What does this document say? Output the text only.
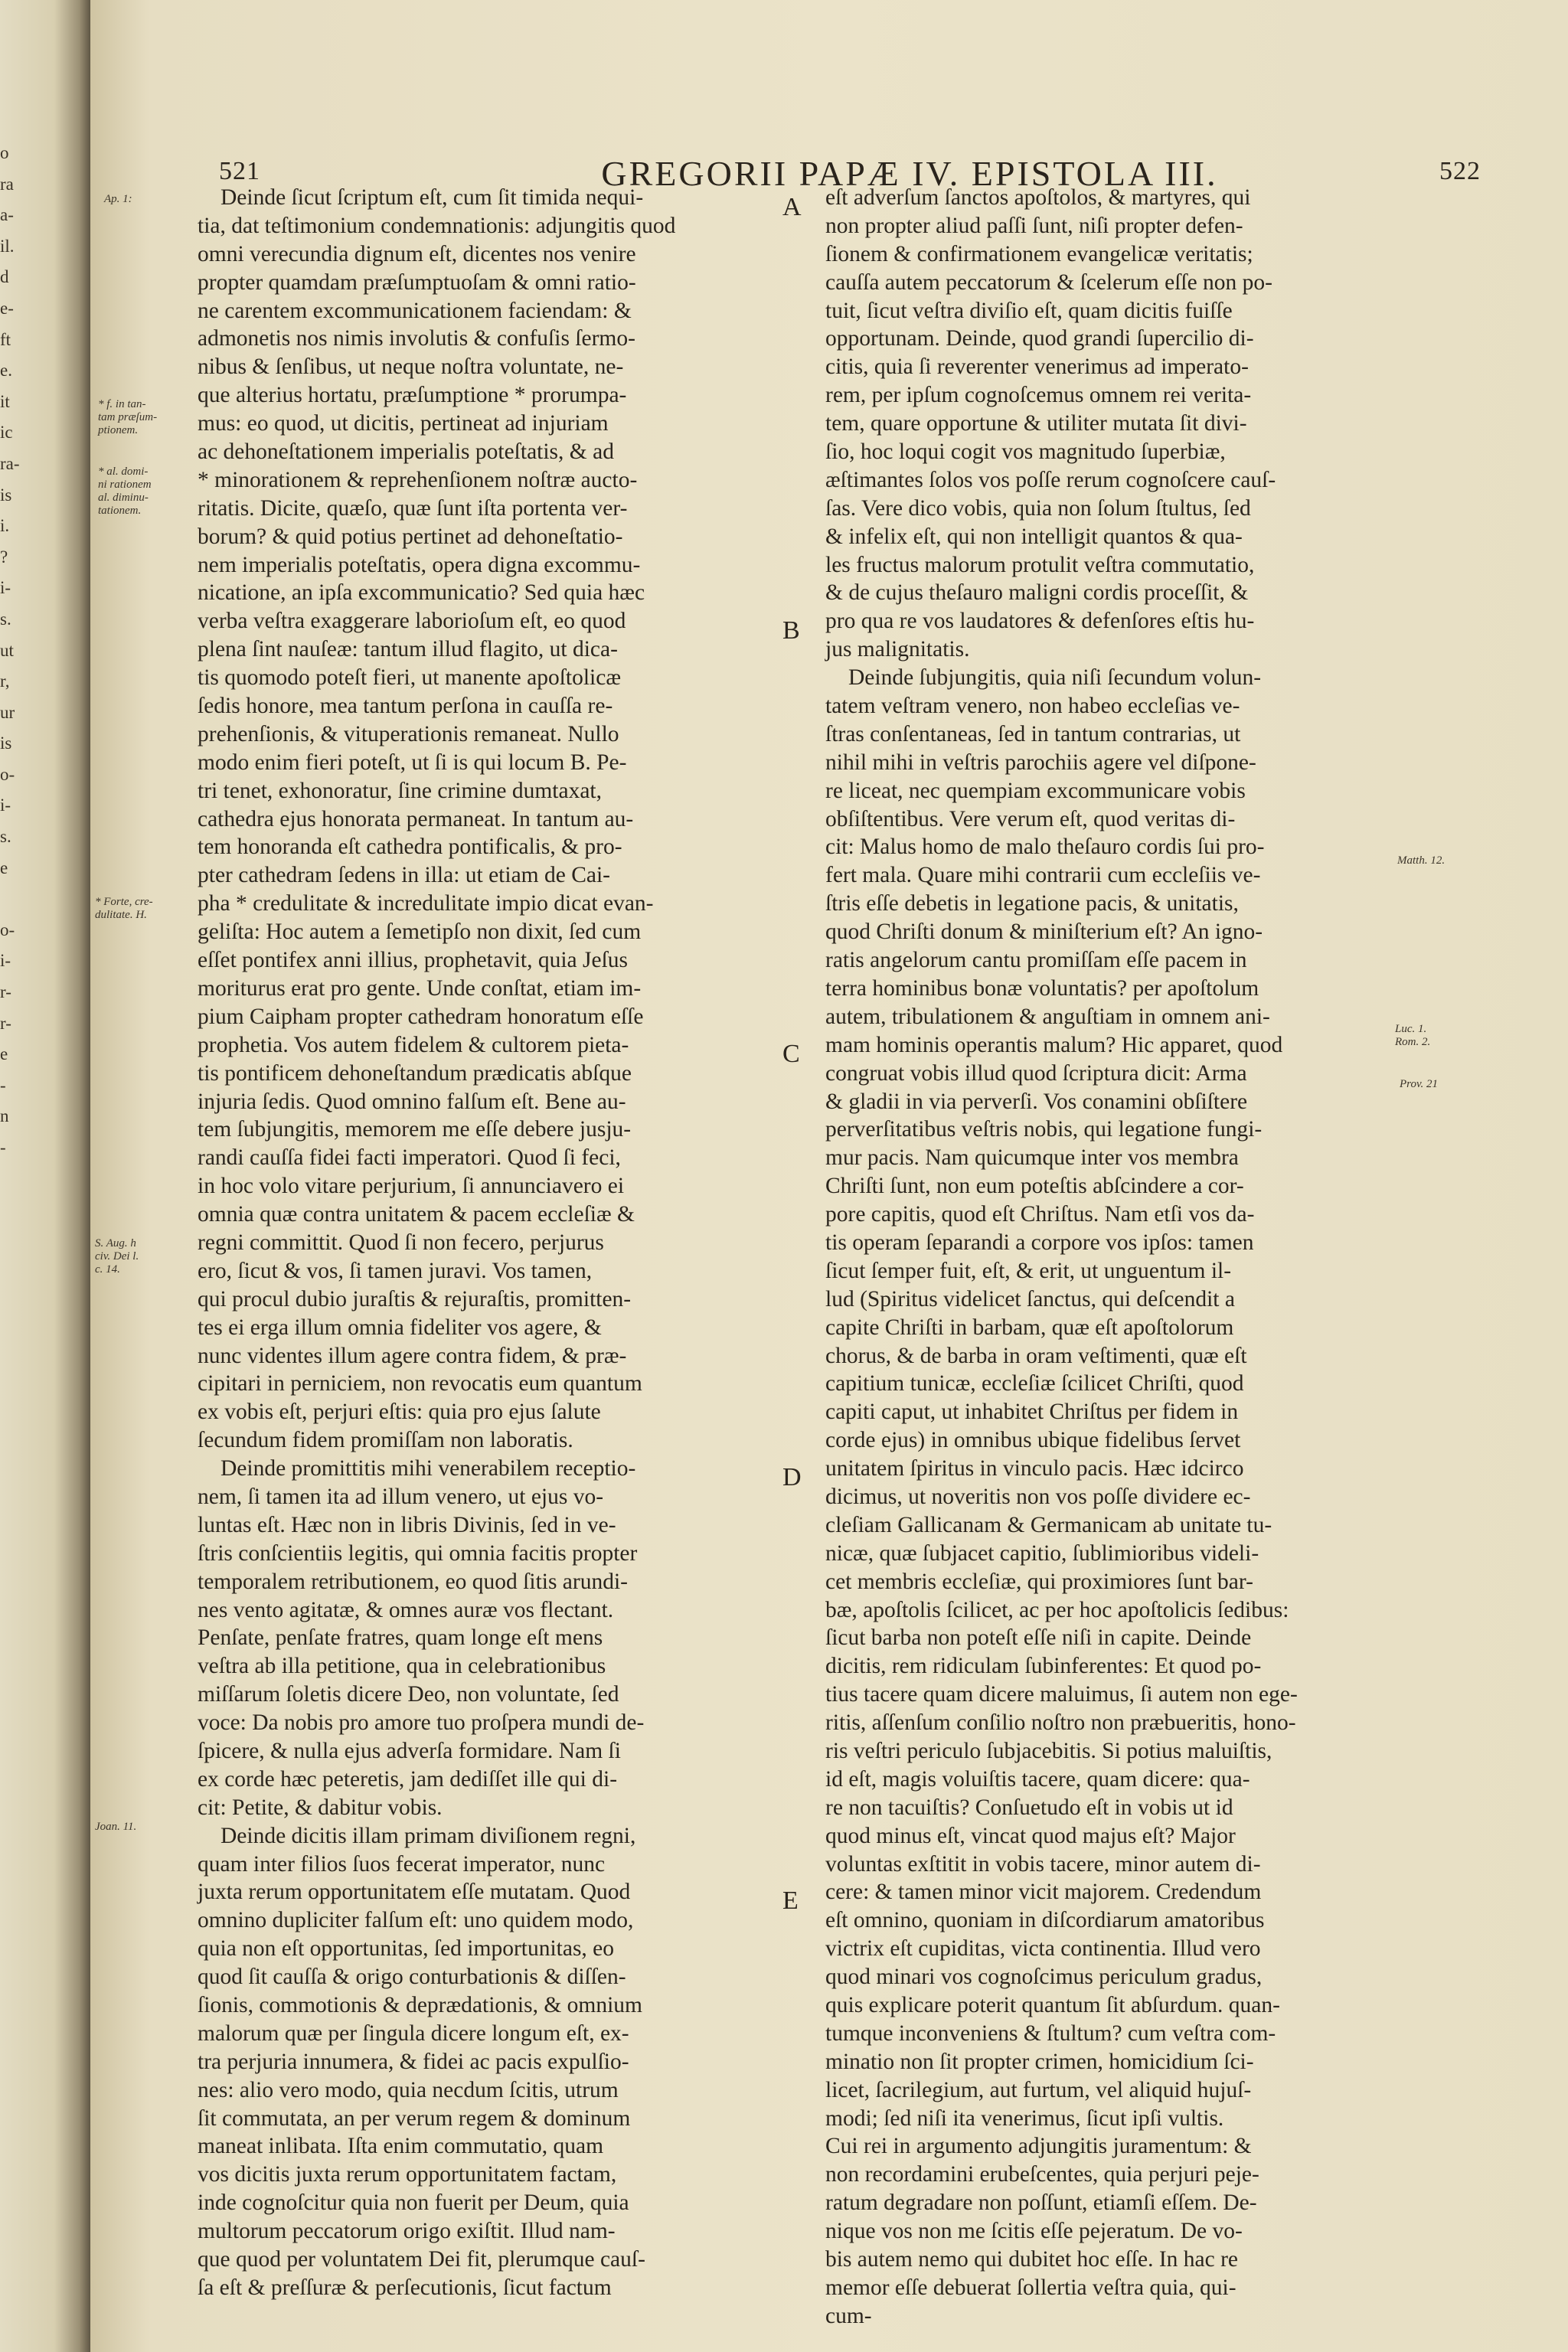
o
ra
a-
il.
d
e-
ft
e.
it
ic
ra-
is
i.
?
i-
s.
ut
r,
ur
is
o-
i-
s.
e
o-
i-
r-
r-
e
-
n
-
521	GREGORII PAPÆ IV. EPISTOLA III.	522
Deinde ſicut ſcriptum eſt, cum ſit timida nequi-
tia, dat teſtimonium condemnationis: adjungitis quod
omni verecundia dignum eſt, dicentes nos venire
propter quamdam præſumptuoſam & omni ratio-
ne carentem excommunicationem faciendam: &
admonetis nos nimis involutis & confuſis ſermo-
nibus & ſenſibus, ut neque noſtra voluntate, ne-
que alterius hortatu, præſumptione * prorumpa-
mus: eo quod, ut dicitis, pertineat ad injuriam
ac dehoneſtationem imperialis poteſtatis, & ad
* minorationem & reprehenſionem noſtræ aucto-
ritatis. Dicite, quæſo, quæ ſunt iſta portenta ver-
borum? & quid potius pertinet ad dehoneſtatio-
nem imperialis poteſtatis, opera digna excommu-
nicatione, an ipſa excommunicatio? Sed quia hæc
verba veſtra exaggerare laborioſum eſt, eo quod
plena ſint nauſeæ: tantum illud flagito, ut dica-
tis quomodo poteſt fieri, ut manente apoſtolicæ
ſedis honore, mea tantum perſona in cauſſa re-
prehenſionis, & vituperationis remaneat. Nullo
modo enim fieri poteſt, ut ſi is qui locum B. Pe-
tri tenet, exhonoratur, ſine crimine dumtaxat,
cathedra ejus honorata permaneat. In tantum au-
tem honoranda eſt cathedra pontificalis, & pro-
pter cathedram ſedens in illa: ut etiam de Cai-
pha * credulitate & incredulitate impio dicat evan-
geliſta: Hoc autem a ſemetipſo non dixit, ſed cum
eſſet pontifex anni illius, prophetavit, quia Jeſus
moriturus erat pro gente. Unde conſtat, etiam im-
pium Caipham propter cathedram honoratum eſſe
prophetia. Vos autem fidelem & cultorem pieta-
tis pontificem dehoneſtandum prædicatis abſque
injuria ſedis. Quod omnino falſum eſt. Bene au-
tem ſubjungitis, memorem me eſſe debere jusju-
randi cauſſa fidei facti imperatori. Quod ſi feci,
in hoc volo vitare perjurium, ſi annunciavero ei
omnia quæ contra unitatem & pacem eccleſiæ &
regni committit. Quod ſi non fecero, perjurus
ero, ſicut & vos, ſi tamen juravi. Vos tamen,
qui procul dubio juraſtis & rejuraſtis, promitten-
tes ei erga illum omnia fideliter vos agere, &
nunc videntes illum agere contra fidem, & præ-
cipitari in perniciem, non revocatis eum quantum
ex vobis eſt, perjuri eſtis: quia pro ejus ſalute
ſecundum fidem promiſſam non laboratis.
Deinde promittitis mihi venerabilem receptio-
nem, ſi tamen ita ad illum venero, ut ejus vo-
luntas eſt. Hæc non in libris Divinis, ſed in ve-
ſtris conſcientiis legitis, qui omnia facitis propter
temporalem retributionem, eo quod ſitis arundi-
nes vento agitatæ, & omnes auræ vos flectant.
Penſate, penſate fratres, quam longe eſt mens
veſtra ab illa petitione, qua in celebrationibus
miſſarum ſoletis dicere Deo, non voluntate, ſed
voce: Da nobis pro amore tuo proſpera mundi de-
ſpicere, & nulla ejus adverſa formidare. Nam ſi
ex corde hæc peteretis, jam dediſſet ille qui di-
cit: Petite, & dabitur vobis.
Deinde dicitis illam primam diviſionem regni,
quam inter filios ſuos fecerat imperator, nunc
juxta rerum opportunitatem eſſe mutatam. Quod
omnino dupliciter falſum eſt: uno quidem modo,
quia non eſt opportunitas, ſed importunitas, eo
quod ſit cauſſa & origo conturbationis & diſſen-
ſionis, commotionis & deprædationis, & omnium
malorum quæ per ſingula dicere longum eſt, ex-
tra perjuria innumera, & fidei ac pacis expulſio-
nes: alio vero modo, quia necdum ſcitis, utrum
ſit commutata, an per verum regem & dominum
maneat inlibata. Iſta enim commutatio, quam
vos dicitis juxta rerum opportunitatem factam,
inde cognoſcitur quia non fuerit per Deum, quia
multorum peccatorum origo exiſtit. Illud nam-
que quod per voluntatem Dei fit, plerumque cauſ-
ſa eſt & preſſuræ & perſecutionis, ſicut factum
eſt adverſum ſanctos apoſtolos, & martyres, qui
non propter aliud paſſi ſunt, niſi propter defen-
ſionem & confirmationem evangelicæ veritatis;
cauſſa autem peccatorum & ſcelerum eſſe non po-
tuit, ſicut veſtra diviſio eſt, quam dicitis fuiſſe
opportunam. Deinde, quod grandi ſupercilio di-
citis, quia ſi reverenter venerimus ad imperato-
rem, per ipſum cognoſcemus omnem rei verita-
tem, quare opportune & utiliter mutata ſit divi-
ſio, hoc loqui cogit vos magnitudo ſuperbiæ,
æſtimantes ſolos vos poſſe rerum cognoſcere cauſ-
ſas. Vere dico vobis, quia non ſolum ſtultus, ſed
& infelix eſt, qui non intelligit quantos & qua-
les fructus malorum protulit veſtra commutatio,
& de cujus theſauro maligni cordis proceſſit, &
pro qua re vos laudatores & defenſores eſtis hu-
jus malignitatis.
Deinde ſubjungitis, quia niſi ſecundum volun-
tatem veſtram venero, non habeo eccleſias ve-
ſtras conſentaneas, ſed in tantum contrarias, ut
nihil mihi in veſtris parochiis agere vel diſpone-
re liceat, nec quempiam excommunicare vobis
obſiſtentibus. Vere verum eſt, quod veritas di-
cit: Malus homo de malo theſauro cordis ſui pro-
fert mala. Quare mihi contrarii cum eccleſiis ve-
ſtris eſſe debetis in legatione pacis, & unitatis,
quod Chriſti donum & miniſterium eſt? An igno-
ratis angelorum cantu promiſſam eſſe pacem in
terra hominibus bonæ voluntatis? per apoſtolum
autem, tribulationem & anguſtiam in omnem ani-
mam hominis operantis malum? Hic apparet, quod
congruat vobis illud quod ſcriptura dicit: Arma
& gladii in via perverſi. Vos conamini obſiſtere
perverſitatibus veſtris nobis, qui legatione fungi-
mur pacis. Nam quicumque inter vos membra
Chriſti ſunt, non eum poteſtis abſcindere a cor-
pore capitis, quod eſt Chriſtus. Nam etſi vos da-
tis operam ſeparandi a corpore vos ipſos: tamen
ſicut ſemper fuit, eſt, & erit, ut unguentum il-
lud (Spiritus videlicet ſanctus, qui deſcendit a
capite Chriſti in barbam, quæ eſt apoſtolorum
chorus, & de barba in oram veſtimenti, quæ eſt
capitium tunicæ, eccleſiæ ſcilicet Chriſti, quod
capiti caput, ut inhabitet Chriſtus per fidem in
corde ejus) in omnibus ubique fidelibus ſervet
unitatem ſpiritus in vinculo pacis. Hæc idcirco
dicimus, ut noveritis non vos poſſe dividere ec-
cleſiam Gallicanam & Germanicam ab unitate tu-
nicæ, quæ ſubjacet capitio, ſublimioribus videli-
cet membris eccleſiæ, qui proximiores ſunt bar-
bæ, apoſtolis ſcilicet, ac per hoc apoſtolicis ſedibus:
ſicut barba non poteſt eſſe niſi in capite. Deinde
dicitis, rem ridiculam ſubinferentes: Et quod po-
tius tacere quam dicere maluimus, ſi autem non ege-
ritis, aſſenſum conſilio noſtro non præbueritis, hono-
ris veſtri periculo ſubjacebitis. Si potius maluiſtis,
id eſt, magis voluiſtis tacere, quam dicere: qua-
re non tacuiſtis? Conſuetudo eſt in vobis ut id
quod minus eſt, vincat quod majus eſt? Major
voluntas exſtitit in vobis tacere, minor autem di-
cere: & tamen minor vicit majorem. Credendum
eſt omnino, quoniam in diſcordiarum amatoribus
victrix eſt cupiditas, victa continentia. Illud vero
quod minari vos cognoſcimus periculum gradus,
quis explicare poterit quantum ſit abſurdum. quan-
tumque inconveniens & ſtultum? cum veſtra com-
minatio non ſit propter crimen, homicidium ſci-
licet, ſacrilegium, aut furtum, vel aliquid hujuſ-
modi; ſed niſi ita venerimus, ſicut ipſi vultis.
Cui rei in argumento adjungitis juramentum: &
non recordamini erubeſcentes, quia perjuri peje-
ratum degradare non poſſunt, etiamſi eſſem. De-
nique vos non me ſcitis eſſe pejeratum. De vo-
bis autem nemo qui dubitet hoc eſſe. In hac re
memor eſſe debuerat ſollertia veſtra quia, qui-
cum-
Ap. 1:
* f. in tan-
tam præſum-
ptionem.
* al. domi-
ni rationem
al. diminu-
tationem.
* Forte, cre-
dulitate. H.
S. Aug. h
civ. Dei l.
c. 14.
Joan. 11.
Matth. 12.
Luc. 1.
Rom. 2.
Prov. 21
A
B
C
D
E
